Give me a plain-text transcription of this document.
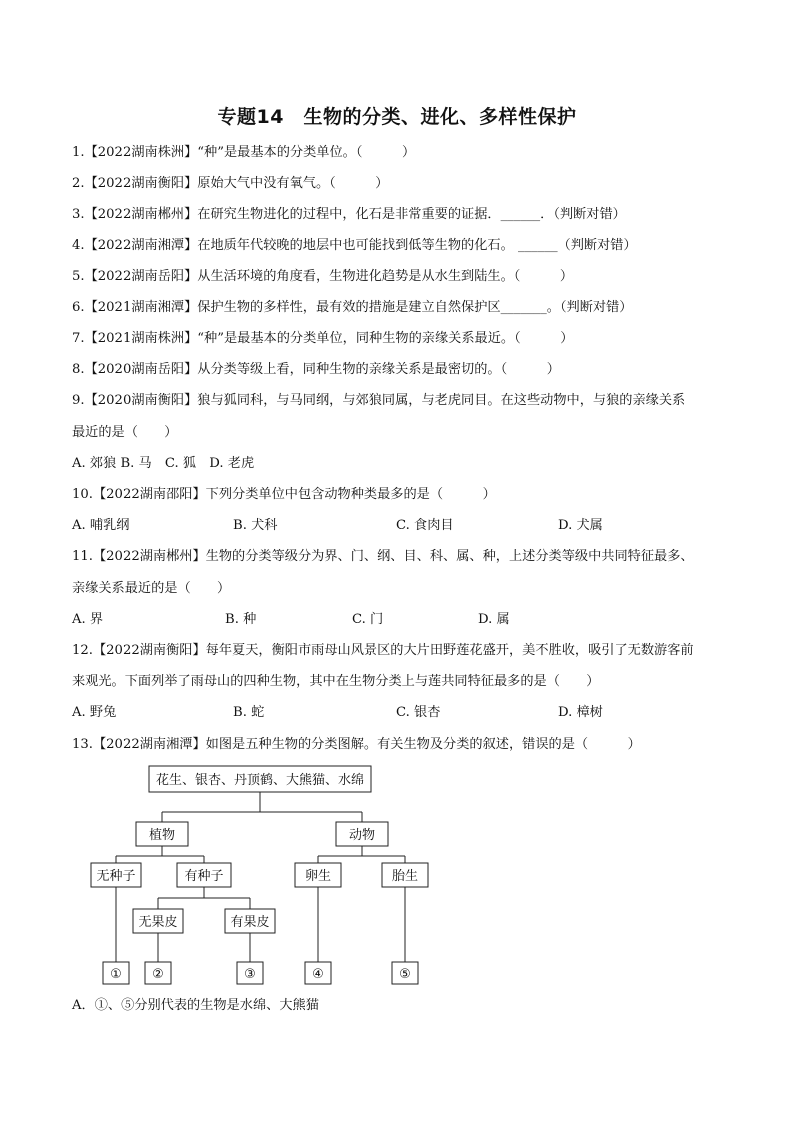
专题14　生物的分类、进化、多样性保护
1.【2022湖南株洲】“种”是最基本的分类单位。（　　　）
2.【2022湖南衡阳】原始大气中没有氧气。（　　　）
3.【2022湖南郴州】在研究生物进化的过程中，化石是非常重要的证据．______．（判断对错）
4.【2022湖南湘潭】在地质年代较晚的地层中也可能找到低等生物的化石。 ______（判断对错）
5.【2022湖南岳阳】从生活环境的角度看，生物进化趋势是从水生到陆生。（　　　）
6.【2021湖南湘潭】保护生物的多样性，最有效的措施是建立自然保护区_______。（判断对错）
7.【2021湖南株洲】“种”是最基本的分类单位，同种生物的亲缘关系最近。（　　　）
8.【2020湖南岳阳】从分类等级上看，同种生物的亲缘关系是最密切的。（　　　）
9.【2020湖南衡阳】狼与狐同科，与马同纲，与郊狼同属，与老虎同目。在这些动物中，与狼的亲缘关系
最近的是（　　）
A. 郊狼 B. 马　C. 狐　D. 老虎
10.【2022湖南邵阳】下列分类单位中包含动物种类最多的是（　　　）
A. 哺乳纲	B. 犬科	C. 食肉目	D. 犬属
11.【2022湖南郴州】生物的分类等级分为界、门、纲、目、科、属、种，上述分类等级中共同特征最多、
亲缘关系最近的是（　　）
A. 界	B. 种	C. 门	D. 属
12.【2022湖南衡阳】每年夏天，衡阳市雨母山风景区的大片田野莲花盛开，美不胜收，吸引了无数游客前
来观光。下面列举了雨母山的四种生物，其中在生物分类上与莲共同特征最多的是（　　）
A. 野兔	B. 蛇	C. 银杏	D. 樟树
13.【2022湖南湘潭】如图是五种生物的分类图解。有关生物及分类的叙述，错误的是（　　　）
花生、银杏、丹顶鹤、大熊猫、水绵
植物	动物
无种子	有种子	卵生	胎生
无果皮	有果皮
① ②	③	④	⑤
A．①、⑤分别代表的生物是水绵、大熊猫
